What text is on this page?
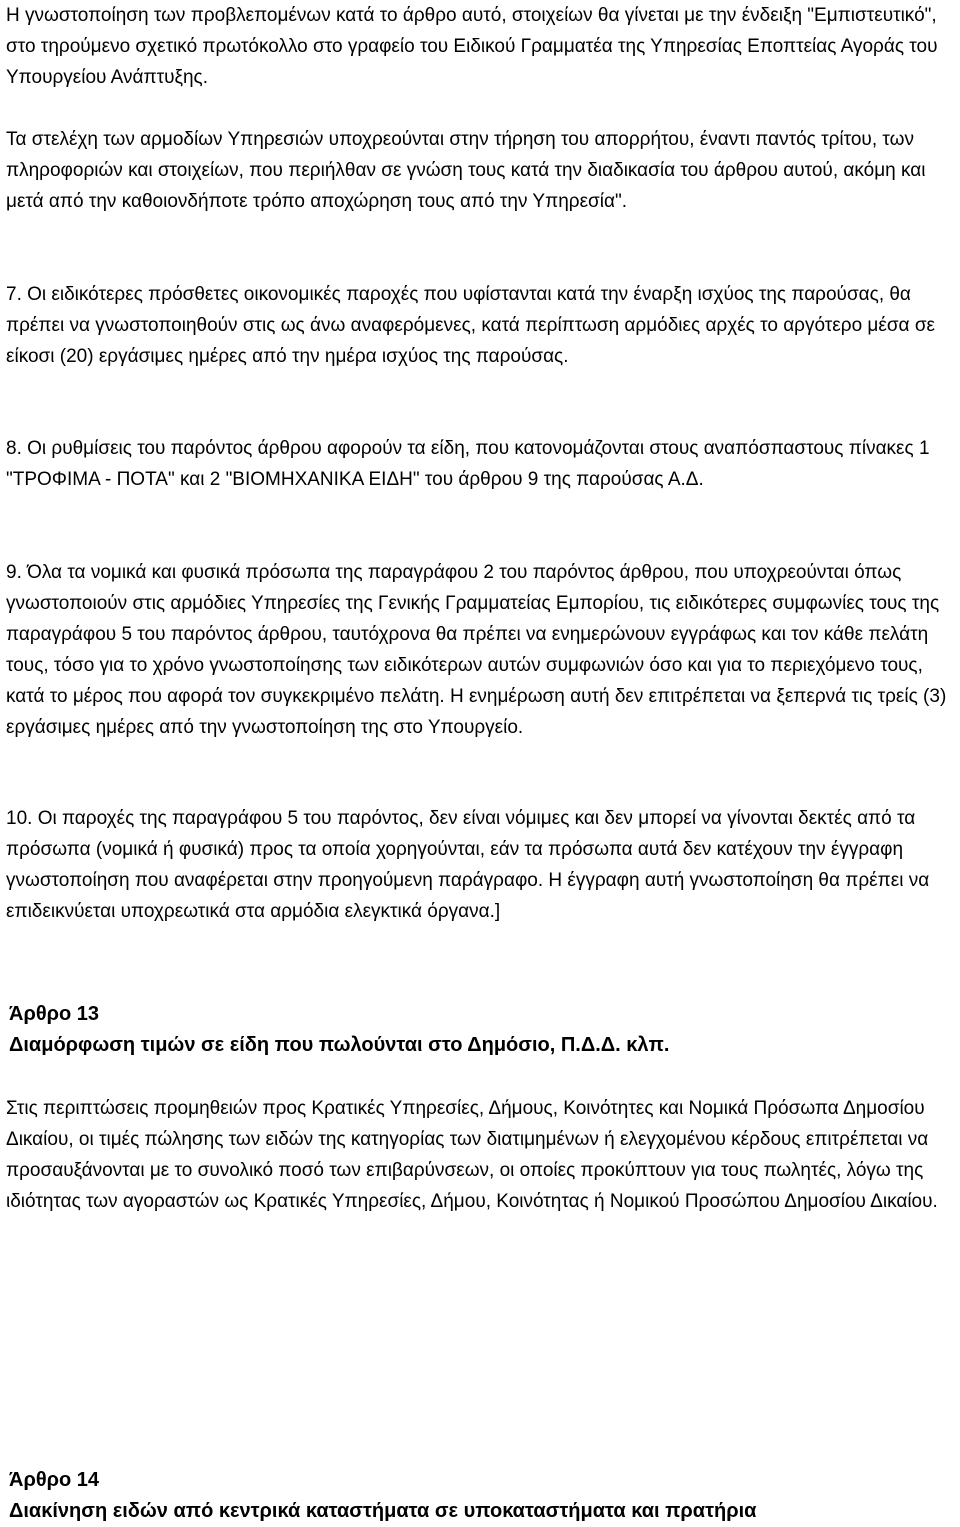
Η γνωστοποίηση των προβλεπομένων κατά το άρθρο αυτό, στοιχείων θα γίνεται με την ένδειξη "Εμπιστευτικό", στο τηρούμενο σχετικό πρωτόκολλο στο γραφείο του Ειδικού Γραμματέα της Υπηρεσίας Εποπτείας Αγοράς του Υπουργείου Ανάπτυξης.

Τα στελέχη των αρμοδίων Υπηρεσιών υποχρεούνται στην τήρηση του απορρήτου, έναντι παντός τρίτου, των πληροφοριών και στοιχείων, που περιήλθαν σε γνώση τους κατά την διαδικασία του άρθρου αυτού, ακόμη και μετά από την καθοιονδήποτε τρόπο αποχώρηση τους από την Υπηρεσία".

7. Οι ειδικότερες πρόσθετες οικονομικές παροχές που υφίστανται κατά την έναρξη ισχύος της παρούσας, θα πρέπει να γνωστοποιηθούν στις ως άνω αναφερόμενες, κατά περίπτωση αρμόδιες αρχές το αργότερο μέσα σε είκοσι (20) εργάσιμες ημέρες από την ημέρα ισχύος της παρούσας.

8. Οι ρυθμίσεις του παρόντος άρθρου αφορούν τα είδη, που κατονομάζονται στους αναπόσπαστους πίνακες 1 "ΤΡΟΦΙΜΑ - ΠΟΤΑ" και 2 "ΒΙΟΜΗΧΑΝΙΚΑ ΕΙΔΗ" του άρθρου 9 της παρούσας Α.Δ.

9. Όλα τα νομικά και φυσικά πρόσωπα της παραγράφου 2 του παρόντος άρθρου, που υποχρεούνται όπως γνωστοποιούν στις αρμόδιες Υπηρεσίες της Γενικής Γραμματείας Εμπορίου, τις ειδικότερες συμφωνίες τους της παραγράφου 5 του παρόντος άρθρου, ταυτόχρονα θα πρέπει να ενημερώνουν εγγράφως και τον κάθε πελάτη τους, τόσο για το χρόνο γνωστοποίησης των ειδικότερων αυτών συμφωνιών όσο και για το περιεχόμενο τους, κατά το μέρος που αφορά τον συγκεκριμένο πελάτη. Η ενημέρωση αυτή δεν επιτρέπεται να ξεπερνά τις τρείς (3) εργάσιμες ημέρες από την γνωστοποίηση της στο Υπουργείο.

10. Οι παροχές της παραγράφου 5 του παρόντος, δεν είναι νόμιμες και δεν μπορεί να γίνονται δεκτές από τα πρόσωπα (νομικά ή φυσικά) προς τα οποία χορηγούνται, εάν τα πρόσωπα αυτά δεν κατέχουν την έγγραφη γνωστοποίηση που αναφέρεται στην προηγούμενη παράγραφο. Η έγγραφη αυτή γνωστοποίηση θα πρέπει να επιδεικνύεται υποχρεωτικά στα αρμόδια ελεγκτικά όργανα.]

Άρθρο 13
Διαμόρφωση τιμών σε είδη που πωλούνται στο Δημόσιο, Π.Δ.Δ. κλπ.

Στις περιπτώσεις προμηθειών προς Κρατικές Υπηρεσίες, Δήμους, Κοινότητες και Νομικά Πρόσωπα Δημοσίου Δικαίου, οι τιμές πώλησης των ειδών της κατηγορίας των διατιμημένων ή ελεγχομένου κέρδους επιτρέπεται να προσαυξάνονται με το συνολικό ποσό των επιβαρύνσεων, οι οποίες προκύπτουν για τους πωλητές, λόγω της ιδιότητας των αγοραστών ως Κρατικές Υπηρεσίες, Δήμου, Κοινότητας ή Νομικού Προσώπου Δημοσίου Δικαίου.

Άρθρο 14
Διακίνηση ειδών από κεντρικά καταστήματα σε υποκαταστήματα και πρατήρια
